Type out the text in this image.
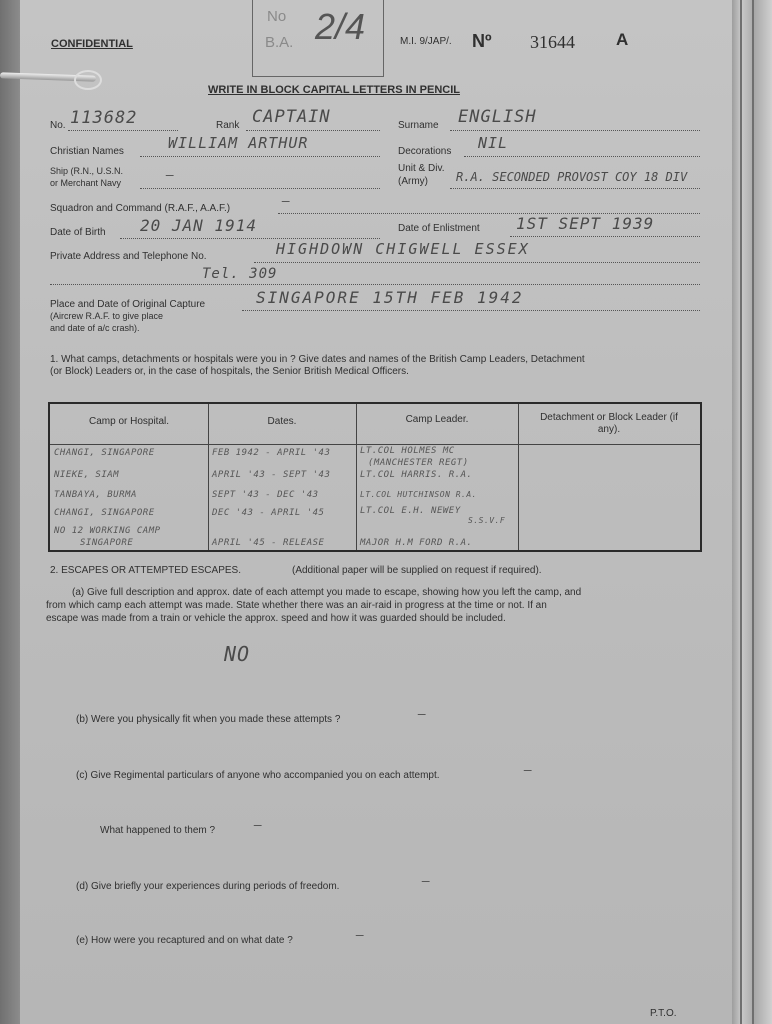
No
B.A. 2/4
CONFIDENTIAL	M.I. 9/JAP/. Nº 31644 A
WRITE IN BLOCK CAPITAL LETTERS IN PENCIL
No. 113682	Rank CAPTAIN	Surname ENGLISH
Christian Names	WILLIAM ARTHUR	Decorations NIL
Ship (R.N., U.S.N.
or Merchant Navy	—	Unit & Div.
(Army) R.A. SECONDED PROVOST COY 18 DIV
Squadron and Command (R.A.F., A.A.F.)	—
Date of Birth 20 JAN 1914	Date of Enlistment 1ST SEPT 1939
Private Address and Telephone No.	HIGHDOWN CHIGWELL ESSEX
Tel. 309
Place and Date of Original Capture
(Aircrew R.A.F. to give place
and date of a/c crash).
SINGAPORE 15TH FEB 1942
1. What camps, detachments or hospitals were you in ? Give dates and names of the British Camp Leaders, Detachment
(or Block) Leaders or, in the case of hospitals, the Senior British Medical Officers.
Camp or Hospital.	Dates.	Camp Leader.	Detachment or Block Leader (if any).
CHANGI, SINGAPORE	FEB 1942 - APRIL '43	LT.COL HOLMES MC
(MANCHESTER REGT)
NIEKE, SIAM	APRIL '43 - SEPT '43	LT.COL HARRIS. R.A.
TANBAYA, BURMA	SEPT '43 - DEC '43	LT.COL HUTCHINSON R.A.
CHANGI, SINGAPORE	DEC '43 - APRIL '45	LT.COL E.H. NEWEY
S.S.V.F
NO 12 WORKING CAMP
SINGAPORE	APRIL '45 - RELEASE	MAJOR H.M FORD R.A.
2. ESCAPES OR ATTEMPTED ESCAPES.	(Additional paper will be supplied on request if required).
(a) Give full description and approx. date of each attempt you made to escape, showing how you left the camp, and
from which camp each attempt was made. State whether there was an air-raid in progress at the time or not. If an
escape was made from a train or vehicle the approx. speed and how it was guarded should be included.
NO
(b) Were you physically fit when you made these attempts ?	—
(c) Give Regimental particulars of anyone who accompanied you on each attempt.	—
What happened to them ?	—
(d) Give briefly your experiences during periods of freedom.	—
(e) How were you recaptured and on what date ?	—
P.T.O.
